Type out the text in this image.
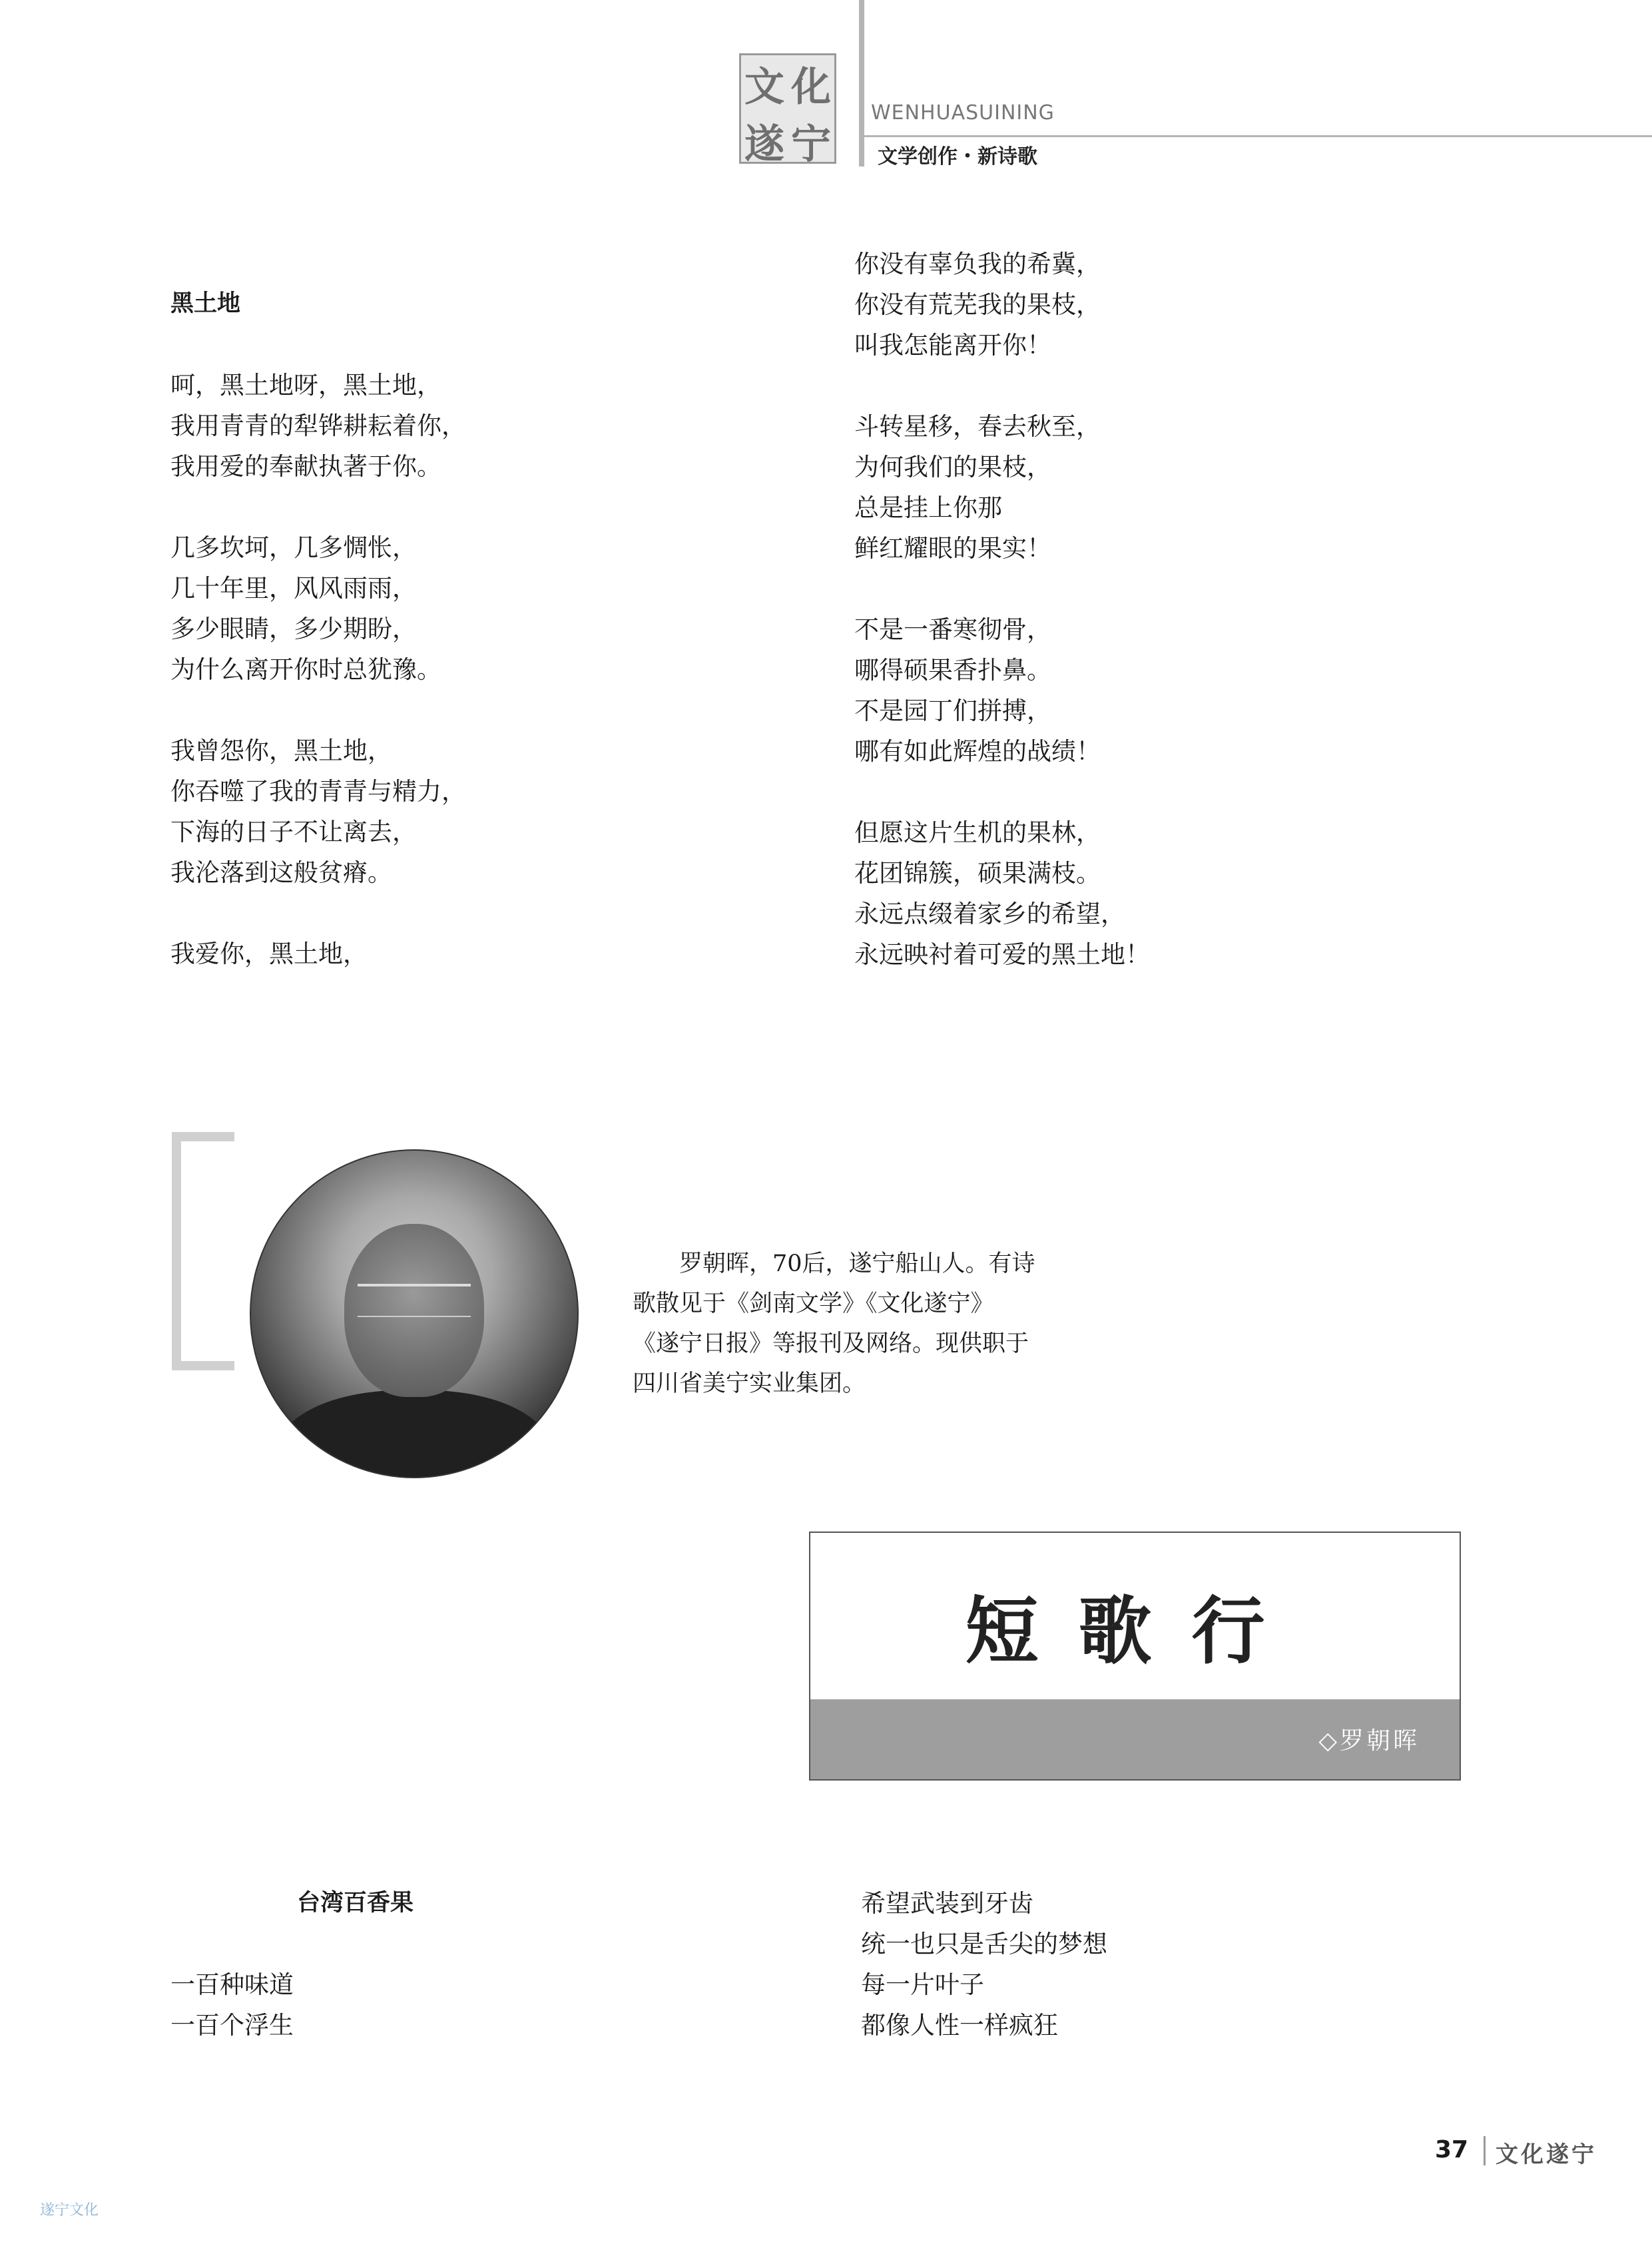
文 化
遂 宁
WENHUASUINING
文学创作・新诗歌
黑土地
呵，黑土地呀，黑土地，
我用青青的犁铧耕耘着你，
我用爱的奉献执著于你。
几多坎坷，几多惆怅，
几十年里，风风雨雨，
多少眼睛，多少期盼，
为什么离开你时总犹豫。
我曾怨你，黑土地，
你吞噬了我的青青与精力，
下海的日子不让离去，
我沦落到这般贫瘠。
我爱你，黑土地，
你没有辜负我的希冀，
你没有荒芜我的果枝，
叫我怎能离开你！
斗转星移，春去秋至，
为何我们的果枝，
总是挂上你那
鲜红耀眼的果实！
不是一番寒彻骨，
哪得硕果香扑鼻。
不是园丁们拼搏，
哪有如此辉煌的战绩！
但愿这片生机的果林，
花团锦簇，硕果满枝。
永远点缀着家乡的希望，
永远映衬着可爱的黑土地！

　　罗朝晖，70后，遂宁船山人。有诗

歌散见于《剑南文学》《文化遂宁》

《遂宁日报》等报刊及网络。现供职于

四川省美宁实业集团。

短歌行
◇罗朝晖
台湾百香果
一百种味道
一百个浮生
希望武装到牙齿
统一也只是舌尖的梦想
每一片叶子
都像人性一样疯狂
37 文化遂宁
遂宁文化
